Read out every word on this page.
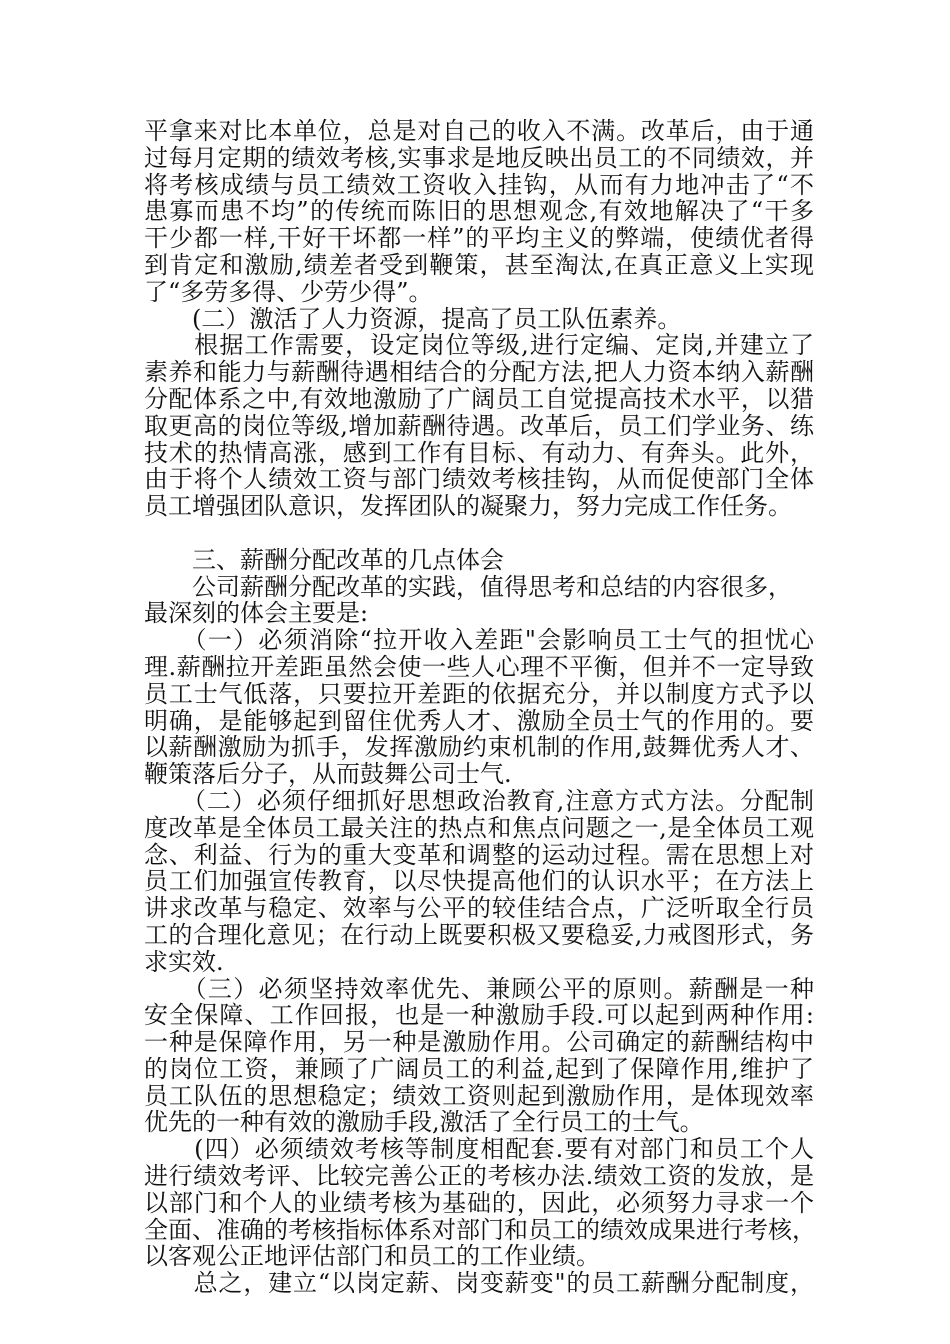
平拿来对比本单位，总是对自己的收入不满。改革后，由于通
过每月定期的绩效考核,实事求是地反映出员工的不同绩效，并
将考核成绩与员工绩效工资收入挂钩，从而有力地冲击了“不
患寡而患不均”的传统而陈旧的思想观念,有效地解决了“干多
干少都一样,干好干坏都一样”的平均主义的弊端，使绩优者得
到肯定和激励,绩差者受到鞭策，甚至淘汰,在真正意义上实现
了“多劳多得、少劳少得”。
　　(二）激活了人力资源，提高了员工队伍素养。
　　根据工作需要，设定岗位等级,进行定编、定岗,并建立了
素养和能力与薪酬待遇相结合的分配方法,把人力资本纳入薪酬
分配体系之中,有效地激励了广阔员工自觉提高技术水平，以猎
取更高的岗位等级,增加薪酬待遇。改革后，员工们学业务、练
技术的热情高涨，感到工作有目标、有动力、有奔头。此外，
由于将个人绩效工资与部门绩效考核挂钩，从而促使部门全体
员工增强团队意识，发挥团队的凝聚力，努力完成工作任务。
　　三、薪酬分配改革的几点体会
　　公司薪酬分配改革的实践，值得思考和总结的内容很多，
最深刻的体会主要是:
　　（一）必须消除“拉开收入差距"会影响员工士气的担忧心
理.薪酬拉开差距虽然会使一些人心理不平衡，但并不一定导致
员工士气低落，只要拉开差距的依据充分，并以制度方式予以
明确，是能够起到留住优秀人才、激励全员士气的作用的。要
以薪酬激励为抓手，发挥激励约束机制的作用,鼓舞优秀人才、
鞭策落后分子，从而鼓舞公司士气.
　　（二）必须仔细抓好思想政治教育,注意方式方法。分配制
度改革是全体员工最关注的热点和焦点问题之一,是全体员工观
念、利益、行为的重大变革和调整的运动过程。需在思想上对
员工们加强宣传教育，以尽快提高他们的认识水平；在方法上
讲求改革与稳定、效率与公平的较佳结合点，广泛听取全行员
工的合理化意见；在行动上既要积极又要稳妥,力戒图形式，务
求实效.
　　（三）必须坚持效率优先、兼顾公平的原则。薪酬是一种
安全保障、工作回报，也是一种激励手段.可以起到两种作用:
一种是保障作用，另一种是激励作用。公司确定的薪酬结构中
的岗位工资，兼顾了广阔员工的利益,起到了保障作用,维护了
员工队伍的思想稳定；绩效工资则起到激励作用，是体现效率
优先的一种有效的激励手段,激活了全行员工的士气。
　　(四）必须绩效考核等制度相配套.要有对部门和员工个人
进行绩效考评、比较完善公正的考核办法.绩效工资的发放，是
以部门和个人的业绩考核为基础的，因此，必须努力寻求一个
全面、准确的考核指标体系对部门和员工的绩效成果进行考核，
以客观公正地评估部门和员工的工作业绩。
　　总之，建立“以岗定薪、岗变薪变"的员工薪酬分配制度，
